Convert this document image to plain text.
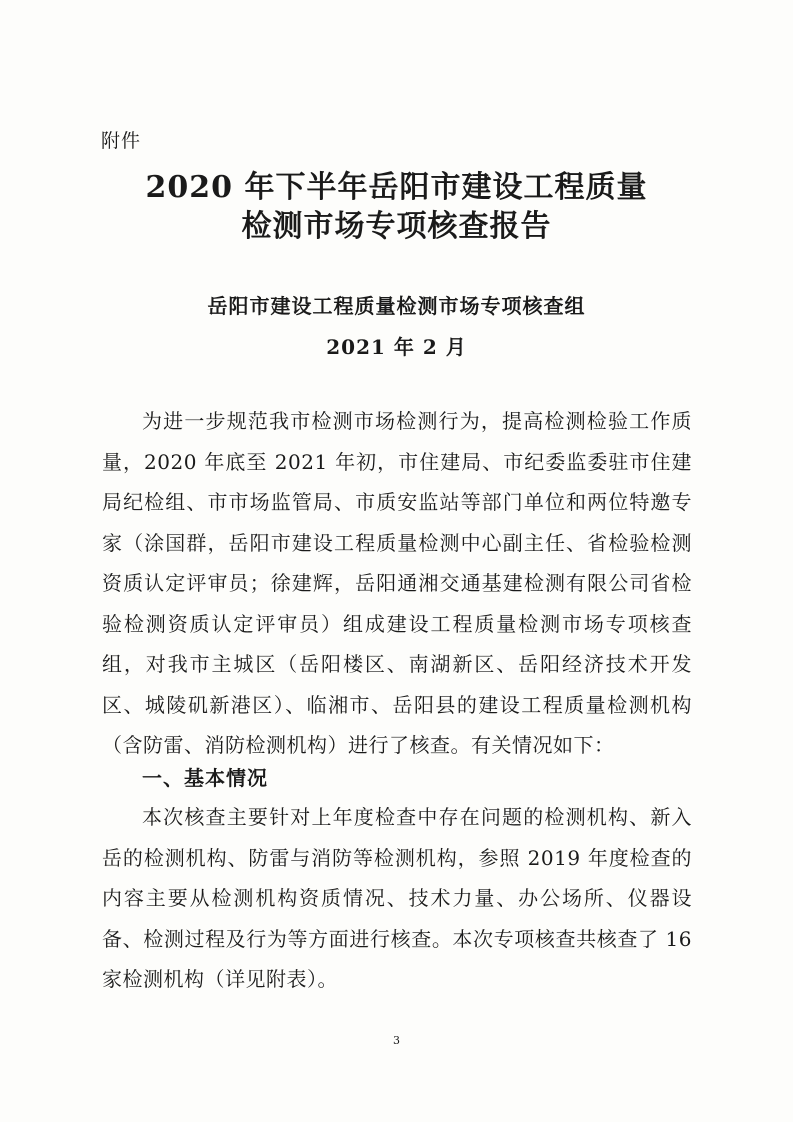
附件
2020 年下半年岳阳市建设工程质量
检测市场专项核查报告
岳阳市建设工程质量检测市场专项核查组
2021 年 2 月
为进一步规范我市检测市场检测行为，提高检测检验工作质量，2020 年底至 2021 年初，市住建局、市纪委监委驻市住建局纪检组、市市场监管局、市质安监站等部门单位和两位特邀专家（涂国群，岳阳市建设工程质量检测中心副主任、省检验检测资质认定评审员；徐建辉，岳阳通湘交通基建检测有限公司省检验检测资质认定评审员）组成建设工程质量检测市场专项核查组，对我市主城区（岳阳楼区、南湖新区、岳阳经济技术开发区、城陵矶新港区）、临湘市、岳阳县的建设工程质量检测机构（含防雷、消防检测机构）进行了核查。有关情况如下：
一、基本情况
本次核查主要针对上年度检查中存在问题的检测机构、新入岳的检测机构、防雷与消防等检测机构，参照 2019 年度检查的内容主要从检测机构资质情况、技术力量、办公场所、仪器设备、检测过程及行为等方面进行核查。本次专项核查共核查了 16 家检测机构（详见附表）。
3
